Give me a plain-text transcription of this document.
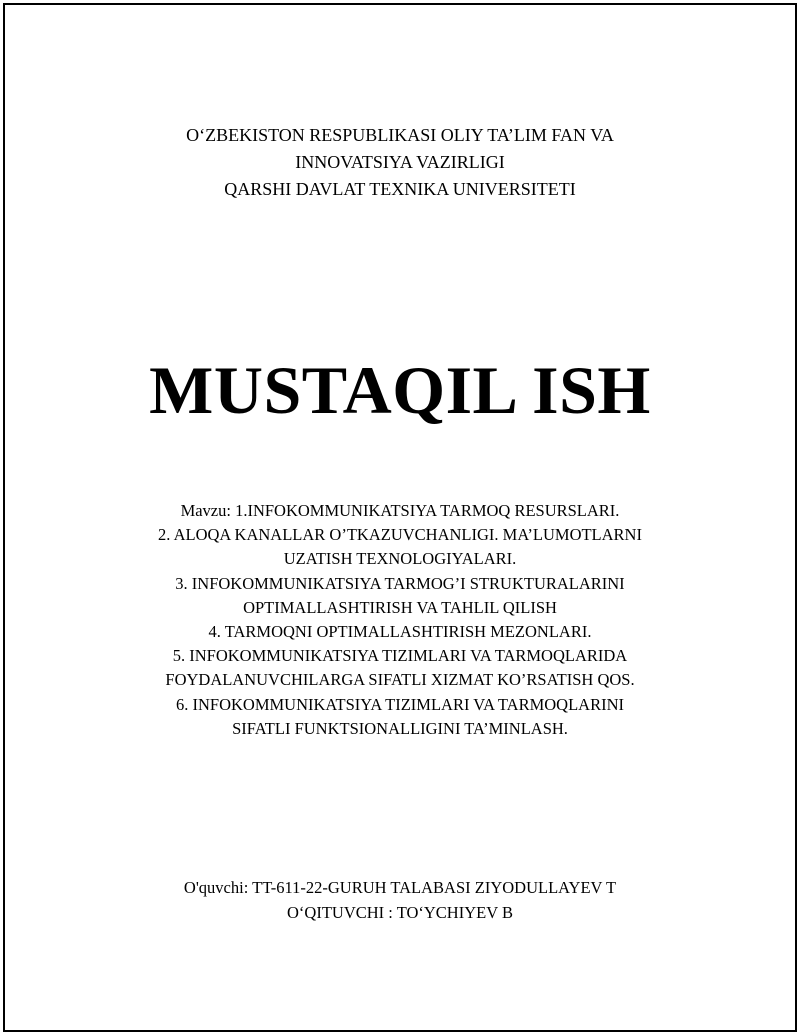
O‘ZBEKISTON RESPUBLIKASI OLIY TA’LIM FAN VA
INNOVATSIYA VAZIRLIGI
QARSHI DAVLAT TEXNIKA UNIVERSITETI
MUSTAQIL ISH
Mavzu: 1.INFOKOMMUNIKATSIYA TARMOQ RESURSLARI.
2. ALOQA KANALLAR O’TKAZUVCHANLIGI. MA’LUMOTLARNI
UZATISH TEXNOLOGIYALARI.
3. INFOKOMMUNIKATSIYA TARMOG’I STRUKTURALARINI
OPTIMALLASHTIRISH VA TAHLIL QILISH
4. TARMOQNI OPTIMALLASHTIRISH MEZONLARI.
5. INFOKOMMUNIKATSIYA TIZIMLARI VA TARMOQLARIDA
FOYDALANUVCHILARGA SIFATLI XIZMAT KO’RSATISH QOS.
6. INFOKOMMUNIKATSIYA TIZIMLARI VA TARMOQLARINI
SIFATLI FUNKTSIONALLIGINI TA’MINLASH.
O'quvchi: TT-611-22-GURUH TALABASI ZIYODULLAYEV T
O‘QITUVCHI : TO‘YCHIYEV B
